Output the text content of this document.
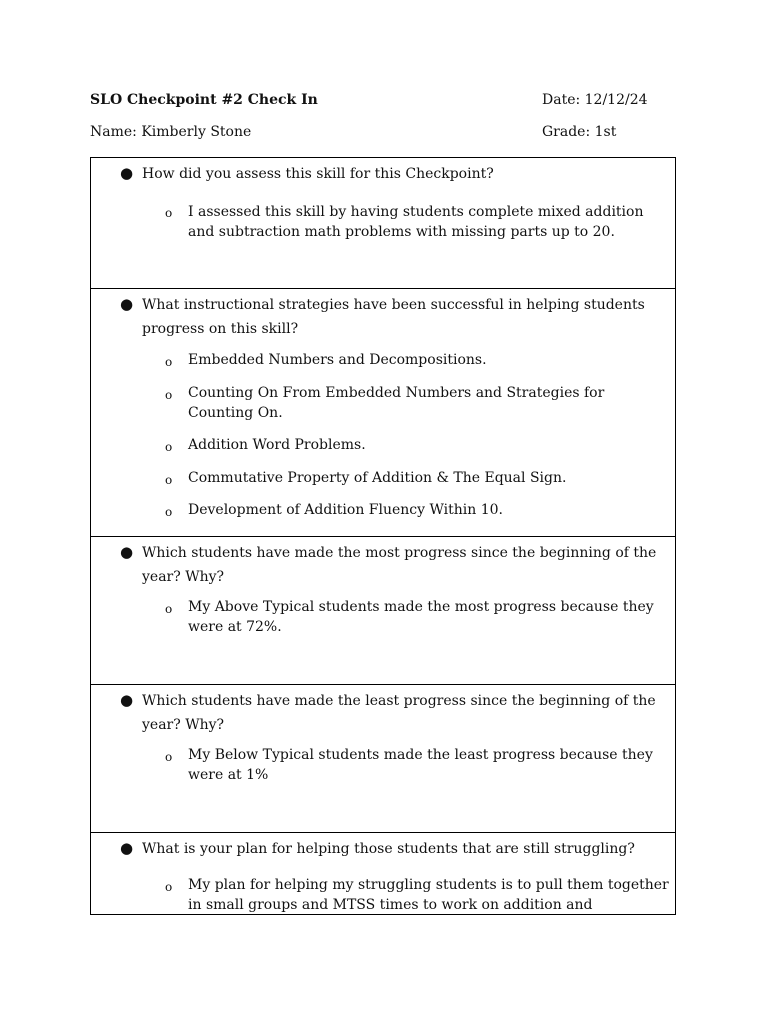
SLO Checkpoint #2 Check In	Date: 12/12/24
Name: Kimberly Stone	Grade: 1st
● How did you assess this skill for this Checkpoint?
o I assessed this skill by having students complete mixed addition and subtraction math problems with missing parts up to 20.
● What instructional strategies have been successful in helping students progress on this skill?
o Embedded Numbers and Decompositions.
o Counting On From Embedded Numbers and Strategies for Counting On.
o Addition Word Problems.
o Commutative Property of Addition & The Equal Sign.
o Development of Addition Fluency Within 10.
● Which students have made the most progress since the beginning of the year? Why?
o My Above Typical students made the most progress because they were at 72%.
● Which students have made the least progress since the beginning of the year? Why?
o My Below Typical students made the least progress because they were at 1%
● What is your plan for helping those students that are still struggling?
o My plan for helping my struggling students is to pull them together in small groups and MTSS times to work on addition and
